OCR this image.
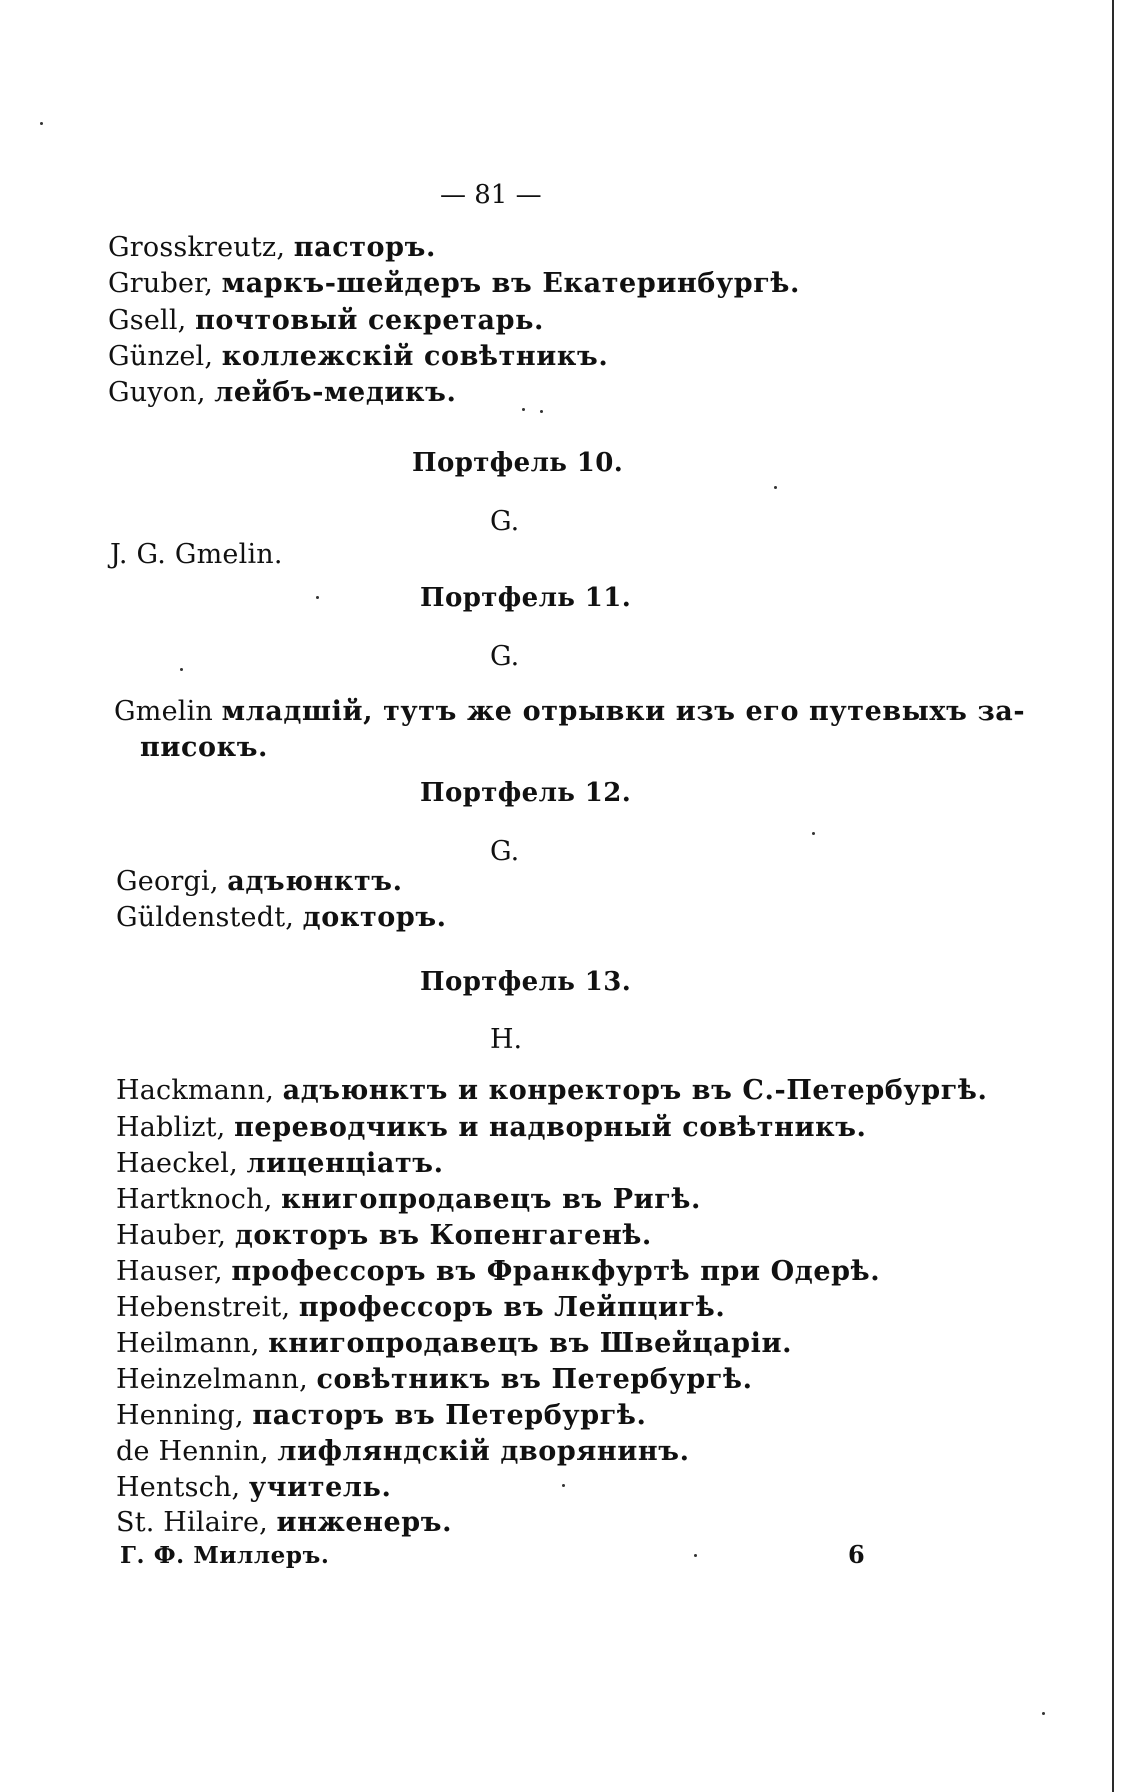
— 81 —
Grosskreutz, пасторъ.
Gruber, маркъ-шейдеръ въ Екатеринбургѣ.
Gsell, почтовый секретарь.
Günzel, коллежскій совѣтникъ.
Guyon, лейбъ-медикъ.
Портфель 10.
G.
J. G. Gmelin.
Портфель 11.
G.
Gmelin младшій, тутъ же отрывки изъ его путевыхъ за-
писокъ.
Портфель 12.
G.
Georgi, адъюнктъ.
Güldenstedt, докторъ.
Портфель 13.
H.
Hackmann, адъюнктъ и конректоръ въ С.-Петербургѣ.
Hablizt, переводчикъ и надворный совѣтникъ.
Haeckel, лиценціатъ.
Hartknoch, книгопродавецъ въ Ригѣ.
Hauber, докторъ въ Копенгагенѣ.
Hauser, профессоръ въ Франкфуртѣ при Одерѣ.
Hebenstreit, профессоръ въ Лейпцигѣ.
Heilmann, книгопродавецъ въ Швейцаріи.
Heinzelmann, совѣтникъ въ Петербургѣ.
Henning, пасторъ въ Петербургѣ.
de Hennin, лифляндскій дворянинъ.
Hentsch, учитель.
St. Hilaire, инженеръ.
Г. Ф. Миллеръ.	6
